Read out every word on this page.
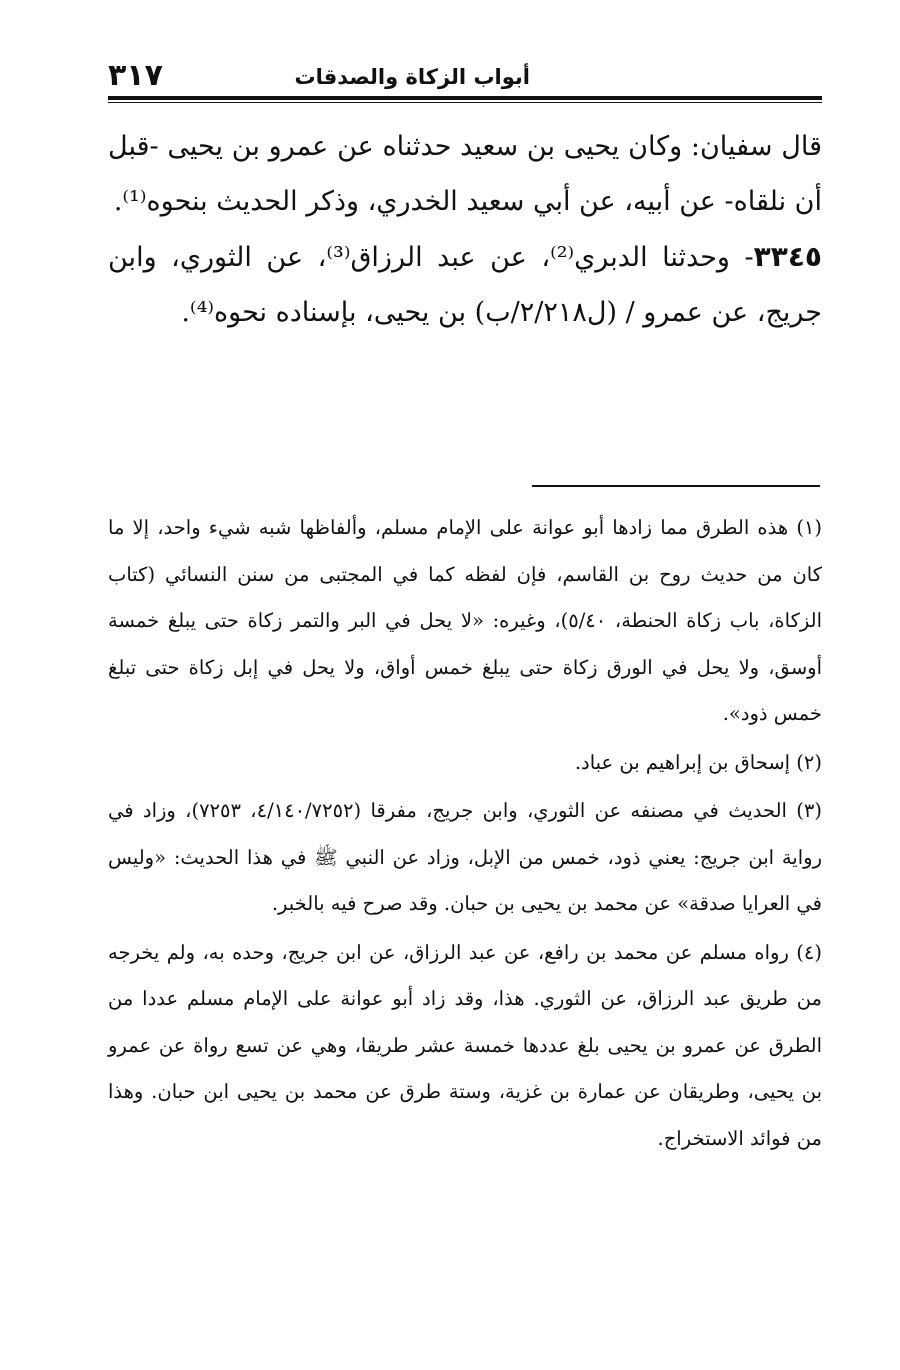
٣١٧	أبواب الزكاة والصدقات

قال سفيان: وكان يحيى بن سعيد حدثناه عن عمرو بن يحيى -قبل أن نلقاه- عن أبيه، عن أبي سعيد الخدري، وذكر الحديث بنحوه⁽¹⁾.

٣٣٤٥- وحدثنا الدبري⁽²⁾، عن عبد الرزاق⁽³⁾، عن الثوري، وابن جريج، عن عمرو / (ل٢/٢١٨/ب) بن يحيى، بإسناده نحوه⁽⁴⁾.

(١) هذه الطرق مما زادها أبو عوانة على الإمام مسلم، وألفاظها شبه شيء واحد، إلا ما كان من حديث روح بن القاسم، فإن لفظه كما في المجتبى من سنن النسائي (كتاب الزكاة، باب زكاة الحنطة، ٥/٤٠)، وغيره: «لا يحل في البر والتمر زكاة حتى يبلغ خمسة أوسق، ولا يحل في الورق زكاة حتى يبلغ خمس أواق، ولا يحل في إبل زكاة حتى تبلغ خمس ذود».

(٢) إسحاق بن إبراهيم بن عباد.

(٣) الحديث في مصنفه عن الثوري، وابن جريج، مفرقا (٤/١٤٠/٧٢٥٢، ٧٢٥٣)، وزاد في رواية ابن جريج: يعني ذود، خمس من الإبل، وزاد عن النبي ﷺ في هذا الحديث: «وليس في العرايا صدقة» عن محمد بن يحيى بن حبان. وقد صرح فيه بالخبر.

(٤) رواه مسلم عن محمد بن رافع، عن عبد الرزاق، عن ابن جريج، وحده به، ولم يخرجه من طريق عبد الرزاق، عن الثوري. هذا، وقد زاد أبو عوانة على الإمام مسلم عددا من الطرق عن عمرو بن يحيى بلغ عددها خمسة عشر طريقا، وهي عن تسع رواة عن عمرو بن يحيى، وطريقان عن عمارة بن غزية، وستة طرق عن محمد بن يحيى ابن حبان. وهذا من فوائد الاستخراج.
